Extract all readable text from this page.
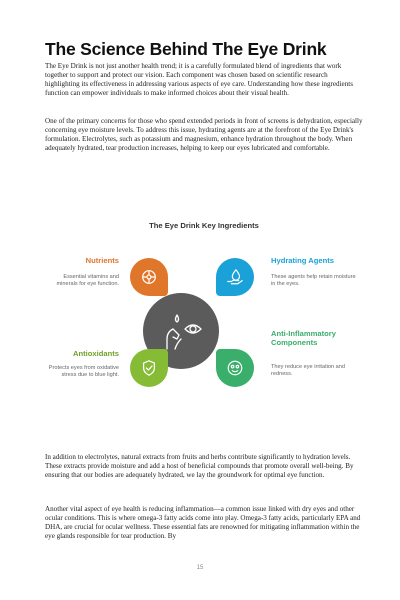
The Science Behind The Eye Drink

The Eye Drink is not just another health trend; it is a carefully formulated blend of ingredients that work together to support and protect our vision. Each component was chosen based on scientific research highlighting its effectiveness in addressing various aspects of eye care. Understanding how these ingredients function can empower individuals to make informed choices about their visual health.

One of the primary concerns for those who spend extended periods in front of screens is dehydration, especially concerning eye moisture levels. To address this issue, hydrating agents are at the forefront of the Eye Drink's formulation. Electrolytes, such as potassium and magnesium, enhance hydration throughout the body. When adequately hydrated, tear production increases, helping to keep our eyes lubricated and comfortable.

The Eye Drink Key Ingredients

Nutrients

Essential vitamins and minerals for eye function.

Hydrating Agents

These agents help retain moisture in the eyes.

Antioxidants

Protects eyes from oxidative stress due to blue light.

Anti-Inflammatory Components

They reduce eye irritation and redness.

In addition to electrolytes, natural extracts from fruits and herbs contribute significantly to hydration levels. These extracts provide moisture and add a host of beneficial compounds that promote overall well-being. By ensuring that our bodies are adequately hydrated, we lay the groundwork for optimal eye function.

Another vital aspect of eye health is reducing inflammation—a common issue linked with dry eyes and other ocular conditions. This is where omega-3 fatty acids come into play. Omega-3 fatty acids, particularly EPA and DHA, are crucial for ocular wellness. These essential fats are renowned for mitigating inflammation within the eye glands responsible for tear production. By

15
